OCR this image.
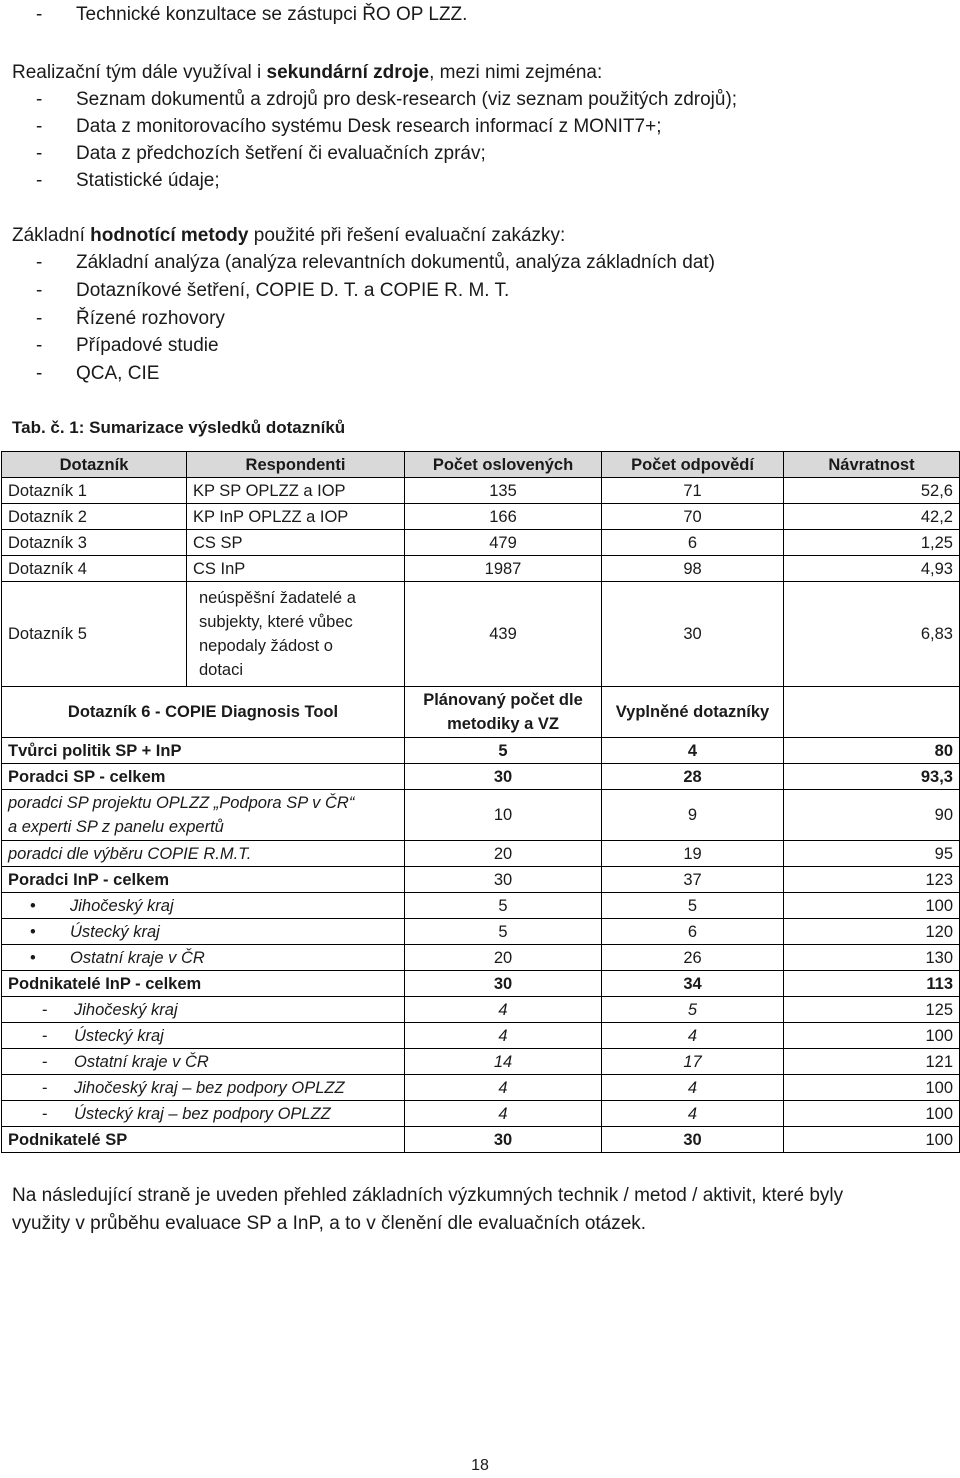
- Technické konzultace se zástupci ŘO OP LZZ.
Realizační tým dále využíval i sekundární zdroje, mezi nimi zejména:
- Seznam dokumentů a zdrojů pro desk-research (viz seznam použitých zdrojů);
- Data z monitorovacího systému Desk research informací z MONIT7+;
- Data z předchozích šetření či evaluačních zpráv;
- Statistické údaje;
Základní hodnotící metody použité při řešení evaluační zakázky:
- Základní analýza (analýza relevantních dokumentů, analýza základních dat)
- Dotazníkové šetření, COPIE D. T. a COPIE R. M. T.
- Řízené rozhovory
- Případové studie
- QCA, CIE
Tab. č. 1: Sumarizace výsledků dotazníků
Dotazník	Respondenti	Počet oslovených	Počet odpovědí	Návratnost
Dotazník 1	KP SP OPLZZ a IOP	135	71	52,6
Dotazník 2	KP InP OPLZZ a IOP	166	70	42,2
Dotazník 3	CS SP	479	6	1,25
Dotazník 4	CS InP	1987	98	4,93
Dotazník 5	neúspěšní žadatelé a subjekty, které vůbec nepodaly žádost o dotaci	439	30	6,83
Dotazník 6 - COPIE Diagnosis Tool		Plánovaný počet dle metodiky a VZ	Vyplněné dotazníky	
Tvůrci politik SP + InP		5	4	80
Poradci SP - celkem		30	28	93,3
poradci SP projektu OPLZZ „Podpora SP v ČR“ a experti SP z panelu expertů		10	9	90
poradci dle výběru COPIE R.M.T.		20	19	95
Poradci InP - celkem		30	37	123
• Jihočeský kraj		5	5	100
• Ústecký kraj		5	6	120
• Ostatní kraje v ČR		20	26	130
Podnikatelé InP - celkem		30	34	113
- Jihočeský kraj		4	5	125
- Ústecký kraj		4	4	100
- Ostatní kraje v ČR		14	17	121
- Jihočeský kraj – bez podpory OPLZZ		4	4	100
- Ústecký kraj – bez podpory OPLZZ		4	4	100
Podnikatelé SP		30	30	100
Na následující straně je uveden přehled základních výzkumných technik / metod / aktivit, které byly
využity v průběhu evaluace SP a InP, a to v členění dle evaluačních otázek.
18
